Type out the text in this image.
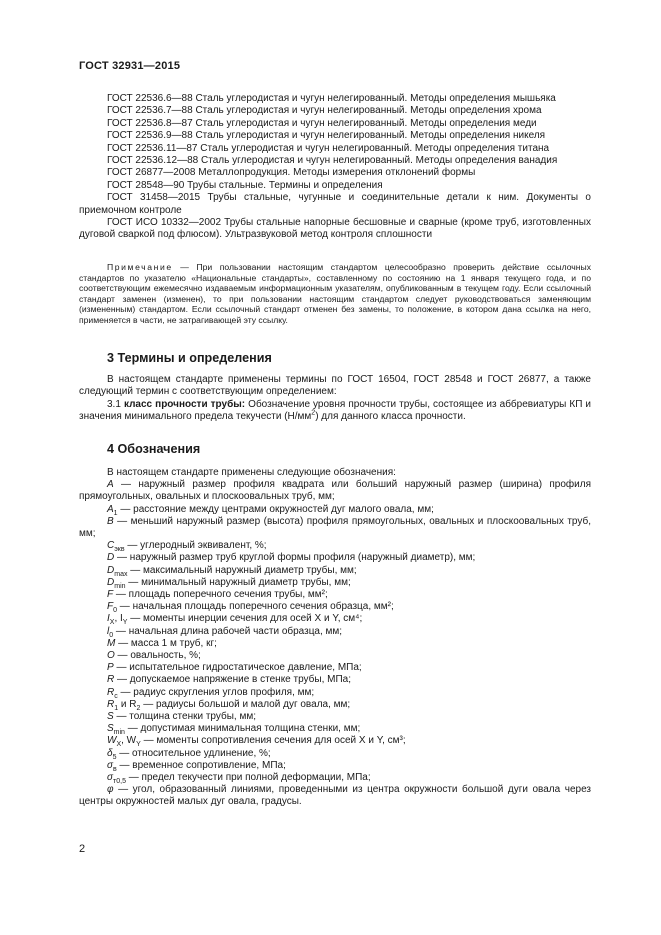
ГОСТ 32931—2015

ГОСТ 22536.6—88 Сталь углеродистая и чугун нелегированный. Методы определения мышьяка

ГОСТ 22536.7—88 Сталь углеродистая и чугун нелегированный. Методы определения хрома

ГОСТ 22536.8—87 Сталь углеродистая и чугун нелегированный. Методы определения меди

ГОСТ 22536.9—88 Сталь углеродистая и чугун нелегированный. Методы определения никеля

ГОСТ 22536.11—87 Сталь углеродистая и чугун нелегированный. Методы определения титана

ГОСТ 22536.12—88 Сталь углеродистая и чугун нелегированный. Методы определения ванадия

ГОСТ 26877—2008 Металлопродукция. Методы измерения отклонений формы

ГОСТ 28548—90 Трубы стальные. Термины и определения

ГОСТ 31458—2015 Трубы стальные, чугунные и соединительные детали к ним. Документы о приемочном контроле

ГОСТ ИСО 10332—2002 Трубы стальные напорные бесшовные и сварные (кроме труб, изготовленных дуговой сваркой под флюсом). Ультразвуковой метод контроля сплошности

Примечание — При пользовании настоящим стандартом целесообразно проверить действие ссылочных стандартов по указателю «Национальные стандарты», составленному по состоянию на 1 января текущего года, и по соответствующим ежемесячно издаваемым информационным указателям, опубликованным в текущем году. Если ссылочный стандарт заменен (изменен), то при пользовании настоящим стандартом следует руководствоваться заменяющим (измененным) стандартом. Если ссылочный стандарт отменен без замены, то положение, в котором дана ссылка на него, применяется в части, не затрагивающей эту ссылку.

3 Термины и определения

В настоящем стандарте применены термины по ГОСТ 16504, ГОСТ 28548 и ГОСТ 26877, а также следующий термин с соответствующим определением:

3.1 класс прочности трубы: Обозначение уровня прочности трубы, состоящее из аббревиатуры КП и значения минимального предела текучести $(Н/мм^2)$ для данного класса прочности.

4 Обозначения

В настоящем стандарте применены следующие обозначения:

A — наружный размер профиля квадрата или больший наружный размер (ширина) профиля прямоугольных, овальных и плоскоовальных труб, мм;

$A_1$ — расстояние между центрами окружностей дуг малого овала, мм;

B — меньший наружный размер (высота) профиля прямоугольных, овальных и плоскоовальных труб, мм;

$C_{экв}$ — углеродный эквивалент, %;

D — наружный размер труб круглой формы профиля (наружный диаметр), мм;

$D_{max}$ — максимальный наружный диаметр трубы, мм;

$D_{min}$ — минимальный наружный диаметр трубы, мм;

F — площадь поперечного сечения трубы, мм²;

$F_0$ — начальная площадь поперечного сечения образца, мм²;

$I_X$, $I_Y$ — моменты инерции сечения для осей X и Y, см⁴;

$l_0$ — начальная длина рабочей части образца, мм;

M — масса 1 м труб, кг;

O — овальность, %;

P — испытательное гидростатическое давление, МПа;

R — допускаемое напряжение в стенке трубы, МПа;

$R_c$ — радиус скругления углов профиля, мм;

$R_1$ и $R_2$ — радиусы большой и малой дуг овала, мм;

S — толщина стенки трубы, мм;

$S_{min}$ — допустимая минимальная толщина стенки, мм;

$W_X$, $W_Y$ — моменты сопротивления сечения для осей X и Y, см³;

$\delta_5$ — относительное удлинение, %;

$\sigma_в$ — временное сопротивление, МПа;

$\sigma_{т0,5}$ — предел текучести при полной деформации, МПа;

φ — угол, образованный линиями, проведенными из центра окружности большой дуги овала через центры окружностей малых дуг овала, градусы.

2
